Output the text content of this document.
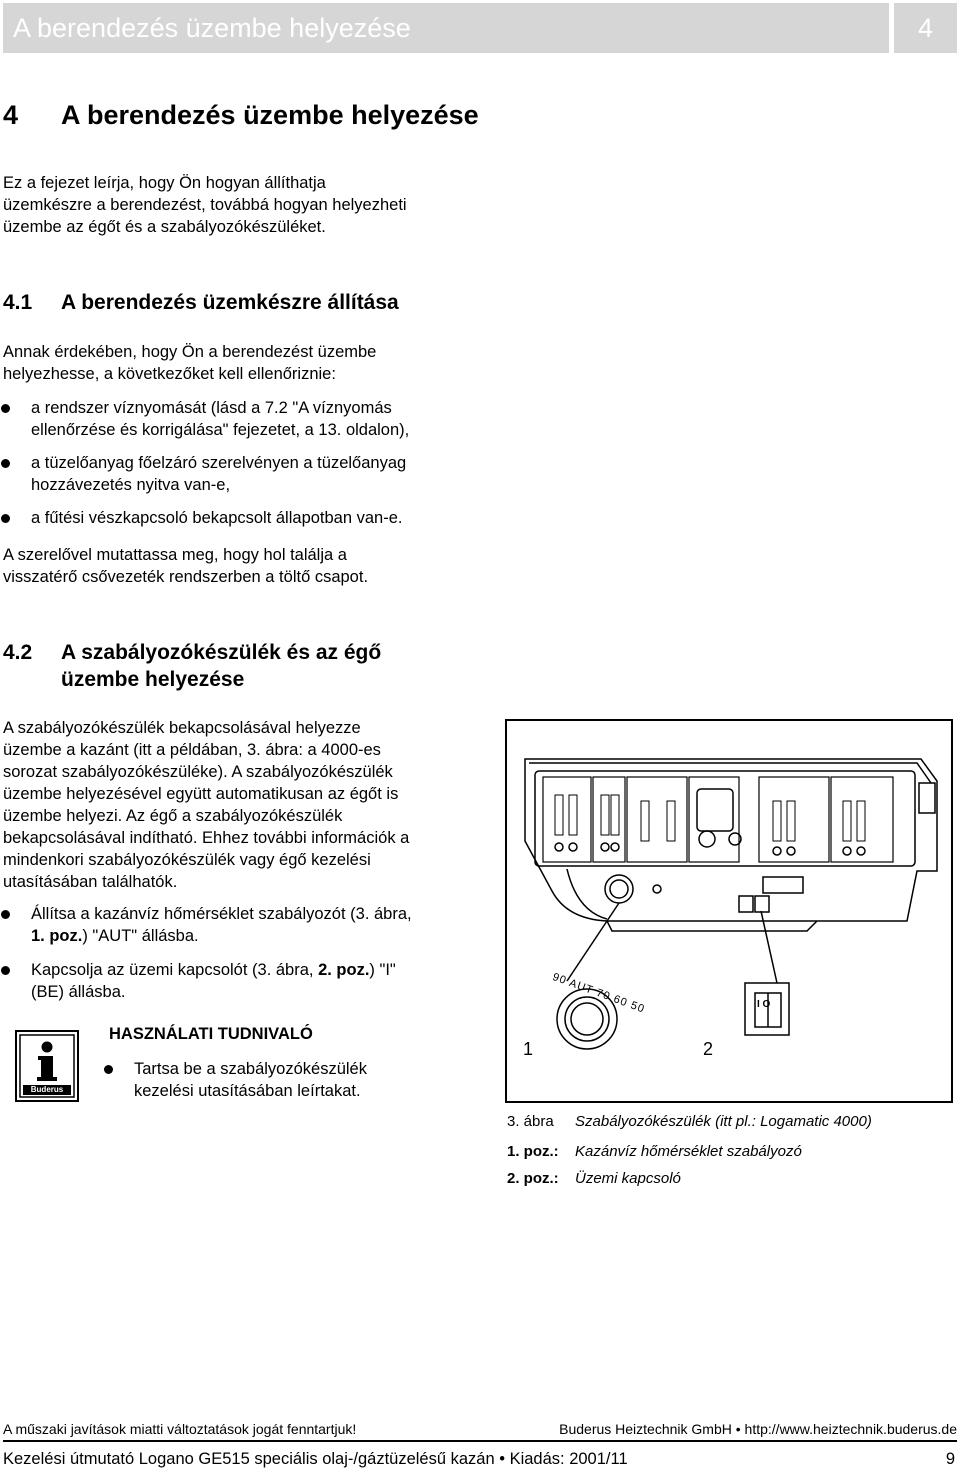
A berendezés üzembe helyezése	4
4 A berendezés üzembe helyezése
Ez a fejezet leírja, hogy Ön hogyan állíthatja
üzemkészre a berendezést, továbbá hogyan helyezheti
üzembe az égőt és a szabályozókészüléket.
4.1 A berendezés üzemkészre állítása
Annak érdekében, hogy Ön a berendezést üzembe
helyezhesse, a következőket kell ellenőriznie:
a rendszer víznyomását (lásd a 7.2 "A víznyomás
ellenőrzése és korrigálása" fejezetet, a 13. oldalon),
a tüzelőanyag főelzáró szerelvényen a tüzelőanyag
hozzávezetés nyitva van-e,
a fűtési vészkapcsoló bekapcsolt állapotban van-e.
A szerelővel mutattassa meg, hogy hol találja a
visszatérő csővezeték rendszerben a töltő csapot.
4.2 A szabályozókészülék és az égő
üzembe helyezése
A szabályozókészülék bekapcsolásával helyezze
üzembe a kazánt (itt a példában, 3. ábra: a 4000-es
sorozat szabályozókészüléke). A szabályozókészülék
üzembe helyezésével együtt automatikusan az égőt is
üzembe helyezi. Az égő a szabályozókészülék
bekapcsolásával indítható. Ehhez további információk a
mindenkori szabályozókészülék vagy égő kezelési
utasításában találhatók.
Állítsa a kazánvíz hőmérséklet szabályozót (3. ábra,
1. poz.) "AUT" állásba.
Kapcsolja az üzemi kapcsolót (3. ábra, 2. poz.) "I"
(BE) állásba.
Buderus
HASZNÁLATI TUDNIVALÓ
Tartsa be a szabályozókészülék
kezelési utasításában leírtakat.
90 AUT 70 60 50	I O
1	2
3. ábra Szabályozókészülék (itt pl.: Logamatic 4000)
1. poz.: Kazánvíz hőmérséklet szabályozó
2. poz.: Üzemi kapcsoló
A műszaki javítások miatti változtatások jogát fenntartjuk!	Buderus Heiztechnik GmbH • http://www.heiztechnik.buderus.de
Kezelési útmutató Logano GE515 speciális olaj-/gáztüzelésű kazán • Kiadás: 2001/11	9
